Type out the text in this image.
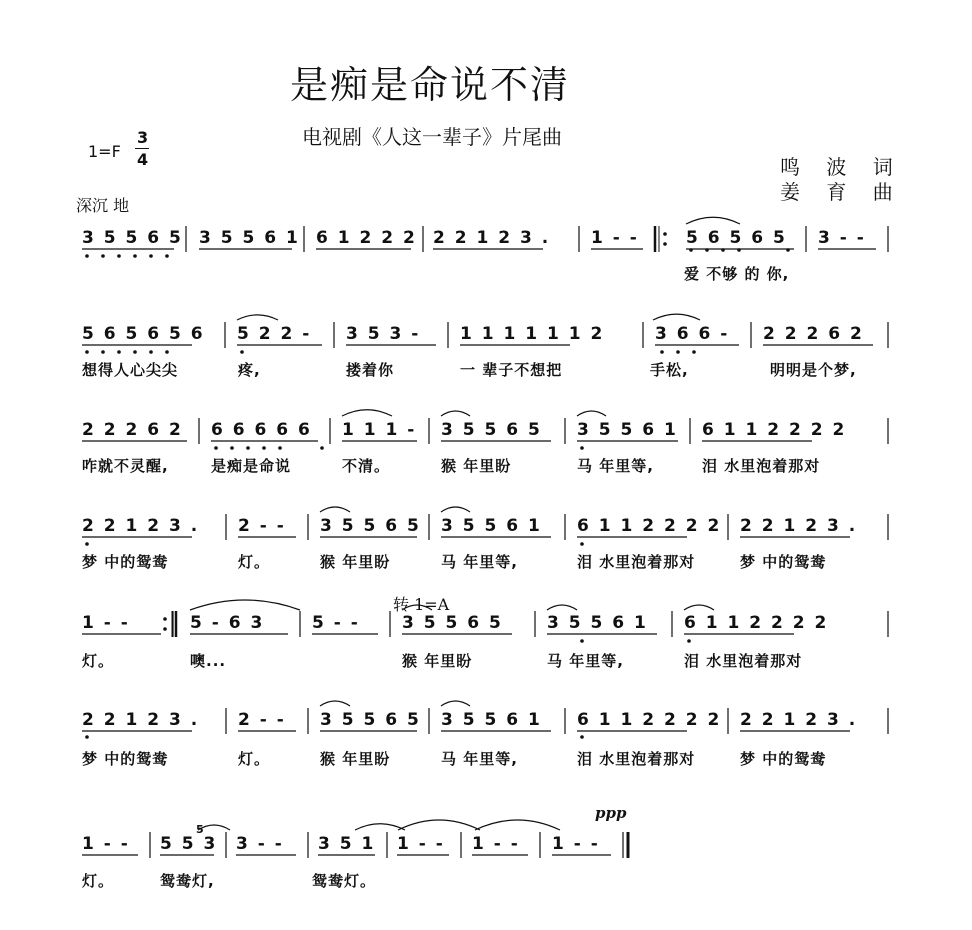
是痴是命说不清
电视剧《人这一辈子》片尾曲
鸣 波 词
姜 育 曲
1=F
3
4
深沉 地
转 1=A
ppp
3 5 5 6 5 3 5 5 6 1 6 1 2 2 2 2 2 1 2 3 . 1 - -	5 6 5 6 5 3 - -
爱 不够 的 你,
5 6 5 6 5 6 5 2 2 - 3 5 3 - 1 1 1 1 1 1 2	3 6 6 - 2 2 2 6 2
想得人心尖尖	疼,	搂着你	一 辈子不想把	手松,	明明是个梦,
2 2 2 6 2 6 6 6 6 6 1 1 1 - 3 5 5 6 5 3 5 5 6 1 6 1 1 2 2 2 2
咋就不灵醒,	是痴是命说	不清。	猴 年里盼	马 年里等,	泪 水里泡着那对
2 2 1 2 3 . 2 - - 3 5 5 6 5 3 5 5 6 1 6 1 1 2 2 2 2 2 2 1 2 3 .
梦 中的鸳鸯	灯。	猴 年里盼	马 年里等,	泪 水里泡着那对	梦 中的鸳鸯
1 - -	5 - 6 3	5 - - 3 5 5 6 5	3 5 5 6 1 6 1 1 2 2 2 2
灯。	噢...	猴 年里盼	马 年里等,	泪 水里泡着那对
2 2 1 2 3 . 2 - - 3 5 5 6 5 3 5 5 6 1 6 1 1 2 2 2 2 2 2 1 2 3 .
梦 中的鸳鸯	灯。	猴 年里盼	马 年里等,	泪 水里泡着那对	梦 中的鸳鸯
1 - - 5 5 3 3 - - 3 5 1 1 - - 1 - - 1 - -
灯。	鸳鸯灯,	鸳鸯灯。
5
